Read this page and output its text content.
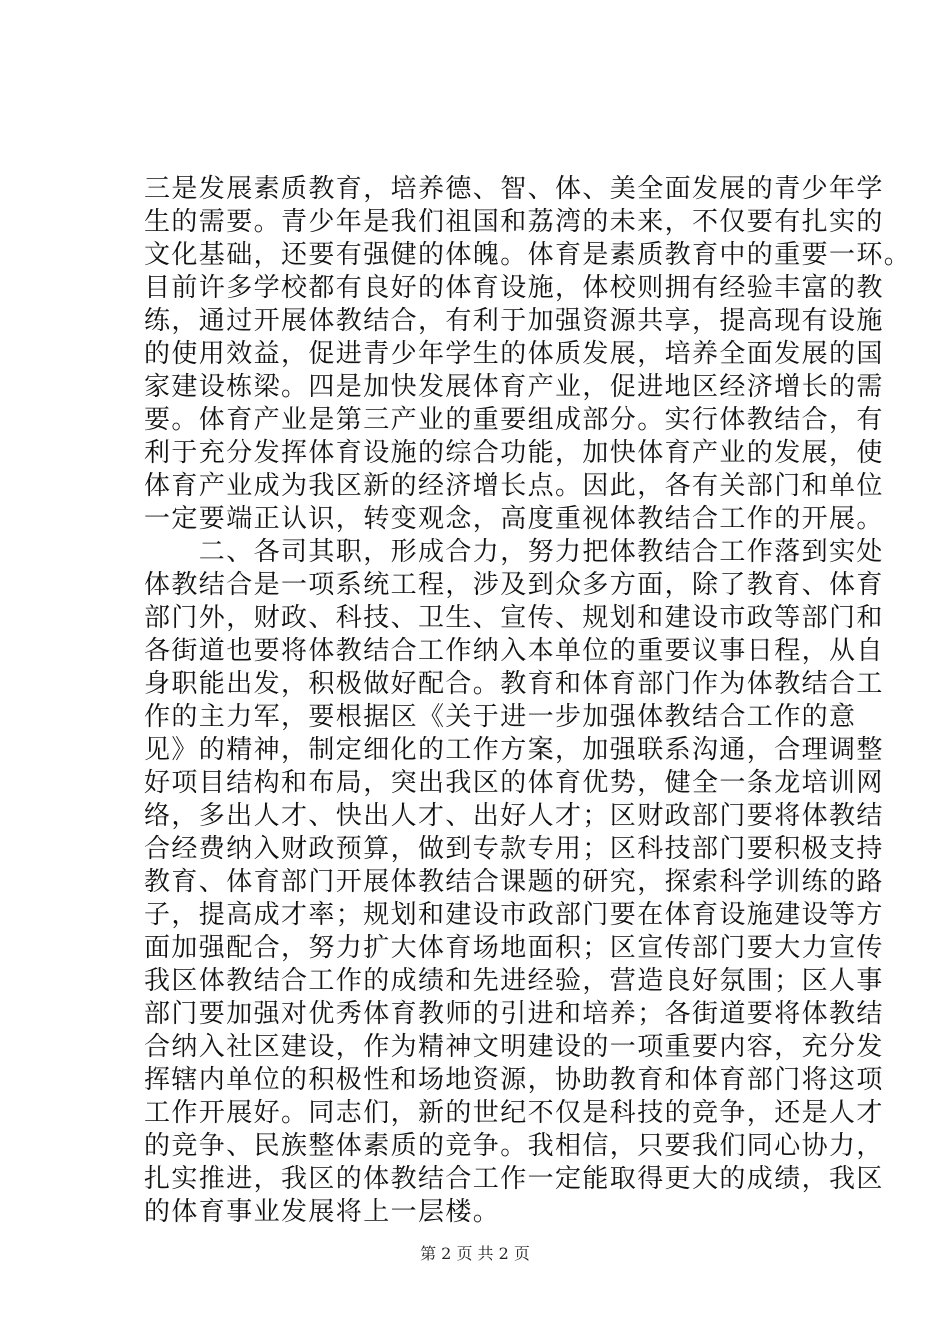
三是发展素质教育，培养德、智、体、美全面发展的青少年学
生的需要。青少年是我们祖国和荔湾的未来，不仅要有扎实的
文化基础，还要有强健的体魄。体育是素质教育中的重要一环。
目前许多学校都有良好的体育设施，体校则拥有经验丰富的教
练，通过开展体教结合，有利于加强资源共享，提高现有设施
的使用效益，促进青少年学生的体质发展，培养全面发展的国
家建设栋梁。四是加快发展体育产业，促进地区经济增长的需
要。体育产业是第三产业的重要组成部分。实行体教结合，有
利于充分发挥体育设施的综合功能，加快体育产业的发展，使
体育产业成为我区新的经济增长点。因此，各有关部门和单位
一定要端正认识，转变观念，高度重视体教结合工作的开展。
　　二、各司其职，形成合力，努力把体教结合工作落到实处
体教结合是一项系统工程，涉及到众多方面，除了教育、体育
部门外，财政、科技、卫生、宣传、规划和建设市政等部门和
各街道也要将体教结合工作纳入本单位的重要议事日程，从自
身职能出发，积极做好配合。教育和体育部门作为体教结合工
作的主力军，要根据区《关于进一步加强体教结合工作的意
见》的精神，制定细化的工作方案，加强联系沟通，合理调整
好项目结构和布局，突出我区的体育优势，健全一条龙培训网
络，多出人才、快出人才、出好人才；区财政部门要将体教结
合经费纳入财政预算，做到专款专用；区科技部门要积极支持
教育、体育部门开展体教结合课题的研究，探索科学训练的路
子，提高成才率；规划和建设市政部门要在体育设施建设等方
面加强配合，努力扩大体育场地面积；区宣传部门要大力宣传
我区体教结合工作的成绩和先进经验，营造良好氛围；区人事
部门要加强对优秀体育教师的引进和培养；各街道要将体教结
合纳入社区建设，作为精神文明建设的一项重要内容，充分发
挥辖内单位的积极性和场地资源，协助教育和体育部门将这项
工作开展好。同志们，新的世纪不仅是科技的竞争，还是人才
的竞争、民族整体素质的竞争。我相信，只要我们同心协力，
扎实推进，我区的体教结合工作一定能取得更大的成绩，我区
的体育事业发展将上一层楼。
第 2 页 共 2 页
